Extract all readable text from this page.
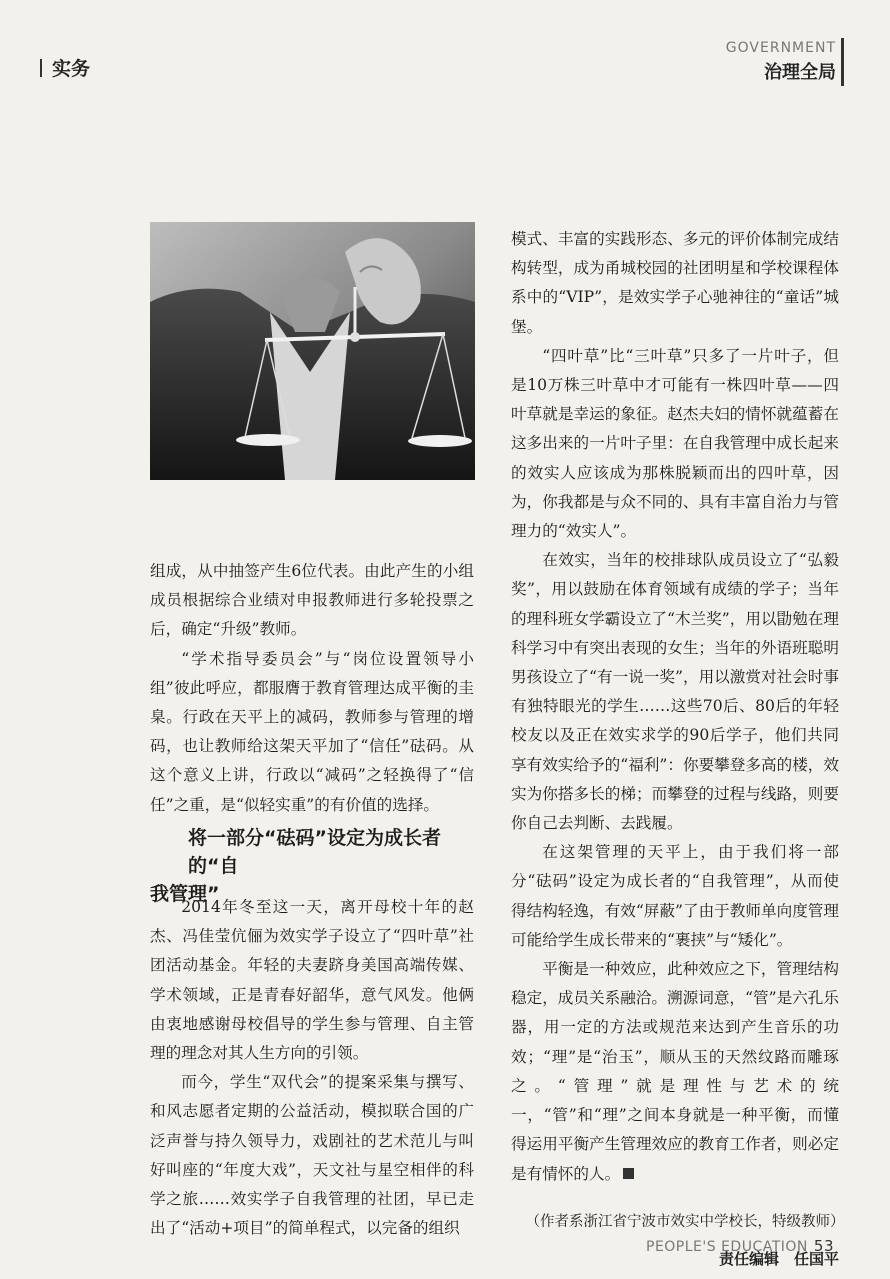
实务
GOVERNMENT
治理全局

组成，从中抽签产生6位代表。由此产生的小组成员根据综合业绩对申报教师进行多轮投票之后，确定“升级”教师。

“学术指导委员会”与“岗位设置领导小组”彼此呼应，都服膺于教育管理达成平衡的圭臬。行政在天平上的减码，教师参与管理的增码，也让教师给这架天平加了“信任”砝码。从这个意义上讲，行政以“减码”之轻换得了“信任”之重，是“似轻实重”的有价值的选择。

将一部分“砝码”设定为成长者的“自
我管理”

2014年冬至这一天，离开母校十年的赵杰、冯佳莹伉俪为效实学子设立了“四叶草”社团活动基金。年轻的夫妻跻身美国高端传媒、学术领域，正是青春好韶华，意气风发。他俩由衷地感谢母校倡导的学生参与管理、自主管理的理念对其人生方向的引领。

而今，学生“双代会”的提案采集与撰写、和风志愿者定期的公益活动，模拟联合国的广泛声誉与持久领导力，戏剧社的艺术范儿与叫好叫座的“年度大戏”，天文社与星空相伴的科学之旅……效实学子自我管理的社团，早已走出了“活动+项目”的简单程式，以完备的组织

模式、丰富的实践形态、多元的评价体制完成结构转型，成为甬城校园的社团明星和学校课程体系中的“VIP”，是效实学子心驰神往的“童话”城堡。

“四叶草”比“三叶草”只多了一片叶子，但是10万株三叶草中才可能有一株四叶草——四叶草就是幸运的象征。赵杰夫妇的情怀就蕴蓄在这多出来的一片叶子里：在自我管理中成长起来的效实人应该成为那株脱颖而出的四叶草，因为，你我都是与众不同的、具有丰富自治力与管理力的“效实人”。

在效实，当年的校排球队成员设立了“弘毅奖”，用以鼓励在体育领域有成绩的学子；当年的理科班女学霸设立了“木兰奖”，用以勖勉在理科学习中有突出表现的女生；当年的外语班聪明男孩设立了“有一说一奖”，用以激赏对社会时事有独特眼光的学生……这些70后、80后的年轻校友以及正在效实求学的90后学子，他们共同享有效实给予的“福利”：你要攀登多高的楼，效实为你搭多长的梯；而攀登的过程与线路，则要你自己去判断、去践履。

在这架管理的天平上，由于我们将一部分“砝码”设定为成长者的“自我管理”，从而使得结构轻逸，有效“屏蔽”了由于教师单向度管理可能给学生成长带来的“裹挟”与“矮化”。

平衡是一种效应，此种效应之下，管理结构稳定，成员关系融洽。溯源词意，“管”是六孔乐器，用一定的方法或规范来达到产生音乐的功效；“理”是“治玉”，顺从玉的天然纹路而雕琢之。“管理”就是理性与艺术的统一，“管”和“理”之间本身就是一种平衡，而懂得运用平衡产生管理效应的教育工作者，则必定是有情怀的人。

（作者系浙江省宁波市效实中学校长，特级教师）

责任编辑　任国平

PEOPLE'S EDUCATION 53
